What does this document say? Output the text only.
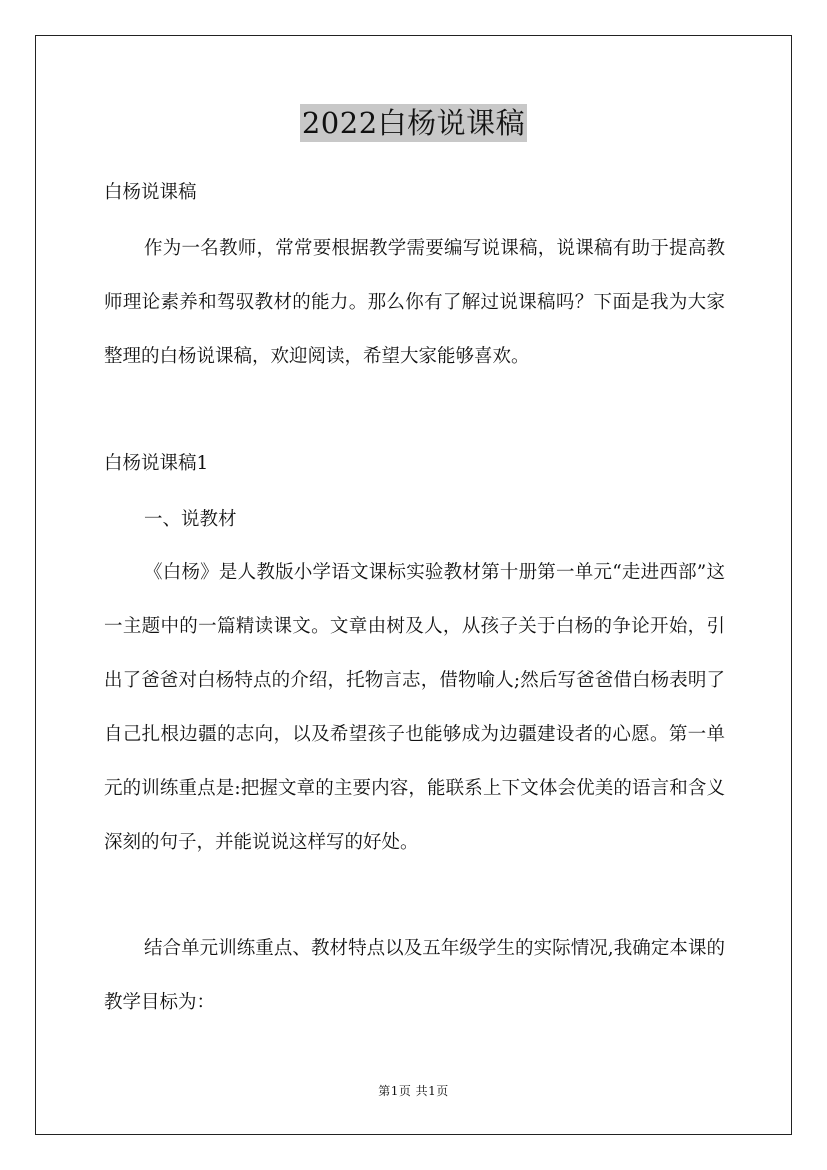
2022白杨说课稿

白杨说课稿

作为一名教师，常常要根据教学需要编写说课稿，说课稿有助于提高教师理论素养和驾驭教材的能力。那么你有了解过说课稿吗？下面是我为大家整理的白杨说课稿，欢迎阅读，希望大家能够喜欢。

白杨说课稿1

一、说教材

《白杨》是人教版小学语文课标实验教材第十册第一单元“走进西部”这一主题中的一篇精读课文。文章由树及人，从孩子关于白杨的争论开始，引出了爸爸对白杨特点的介绍，托物言志，借物喻人;然后写爸爸借白杨表明了自己扎根边疆的志向，以及希望孩子也能够成为边疆建设者的心愿。第一单元的训练重点是:把握文章的主要内容，能联系上下文体会优美的语言和含义深刻的句子，并能说说这样写的好处。

结合单元训练重点、教材特点以及五年级学生的实际情况,我确定本课的教学目标为：

第1页 共1页
